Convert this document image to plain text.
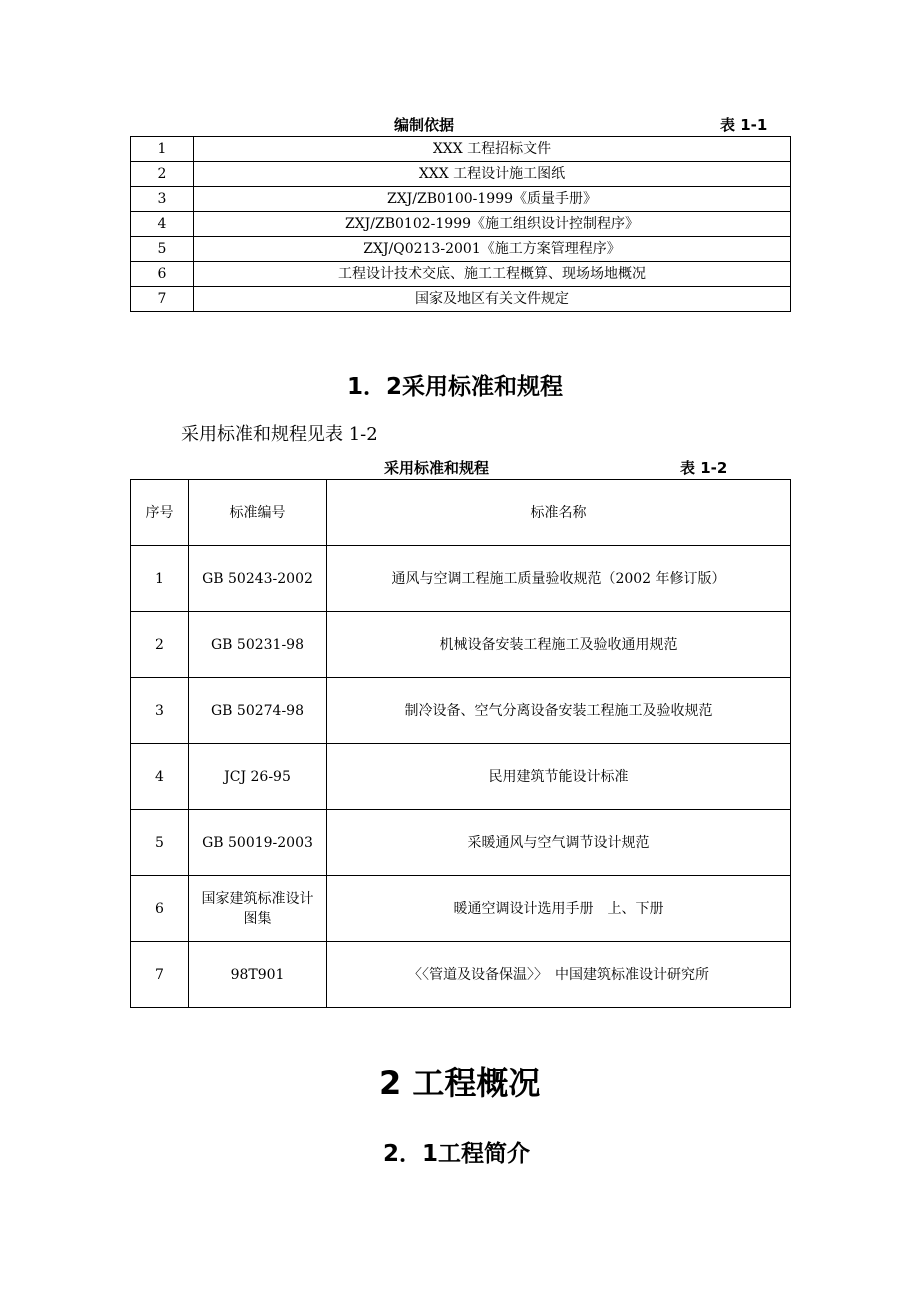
编制依据	表 1-1
1	XXX 工程招标文件
2	XXX 工程设计施工图纸
3	ZXJ/ZB0100-1999《质量手册》
4	ZXJ/ZB0102-1999《施工组织设计控制程序》
5	ZXJ/Q0213-2001《施工方案管理程序》
6	工程设计技术交底、施工工程概算、现场场地概况
7	国家及地区有关文件规定
1．2采用标准和规程
采用标准和规程见表 1-2
采用标准和规程	表 1-2
序号	标准编号	标准名称
1	GB 50243-2002	通风与空调工程施工质量验收规范（2002 年修订版）
2	GB 50231-98	机械设备安装工程施工及验收通用规范
3	GB 50274-98	制冷设备、空气分离设备安装工程施工及验收规范
4	JCJ 26-95	民用建筑节能设计标准
5	GB 50019-2003	采暖通风与空气调节设计规范
6	国家建筑标准设计图集	暖通空调设计选用手册　上、下册
7	98T901	〈〈管道及设备保温〉〉　中国建筑标准设计研究所
2 工程概况
2．1工程简介
